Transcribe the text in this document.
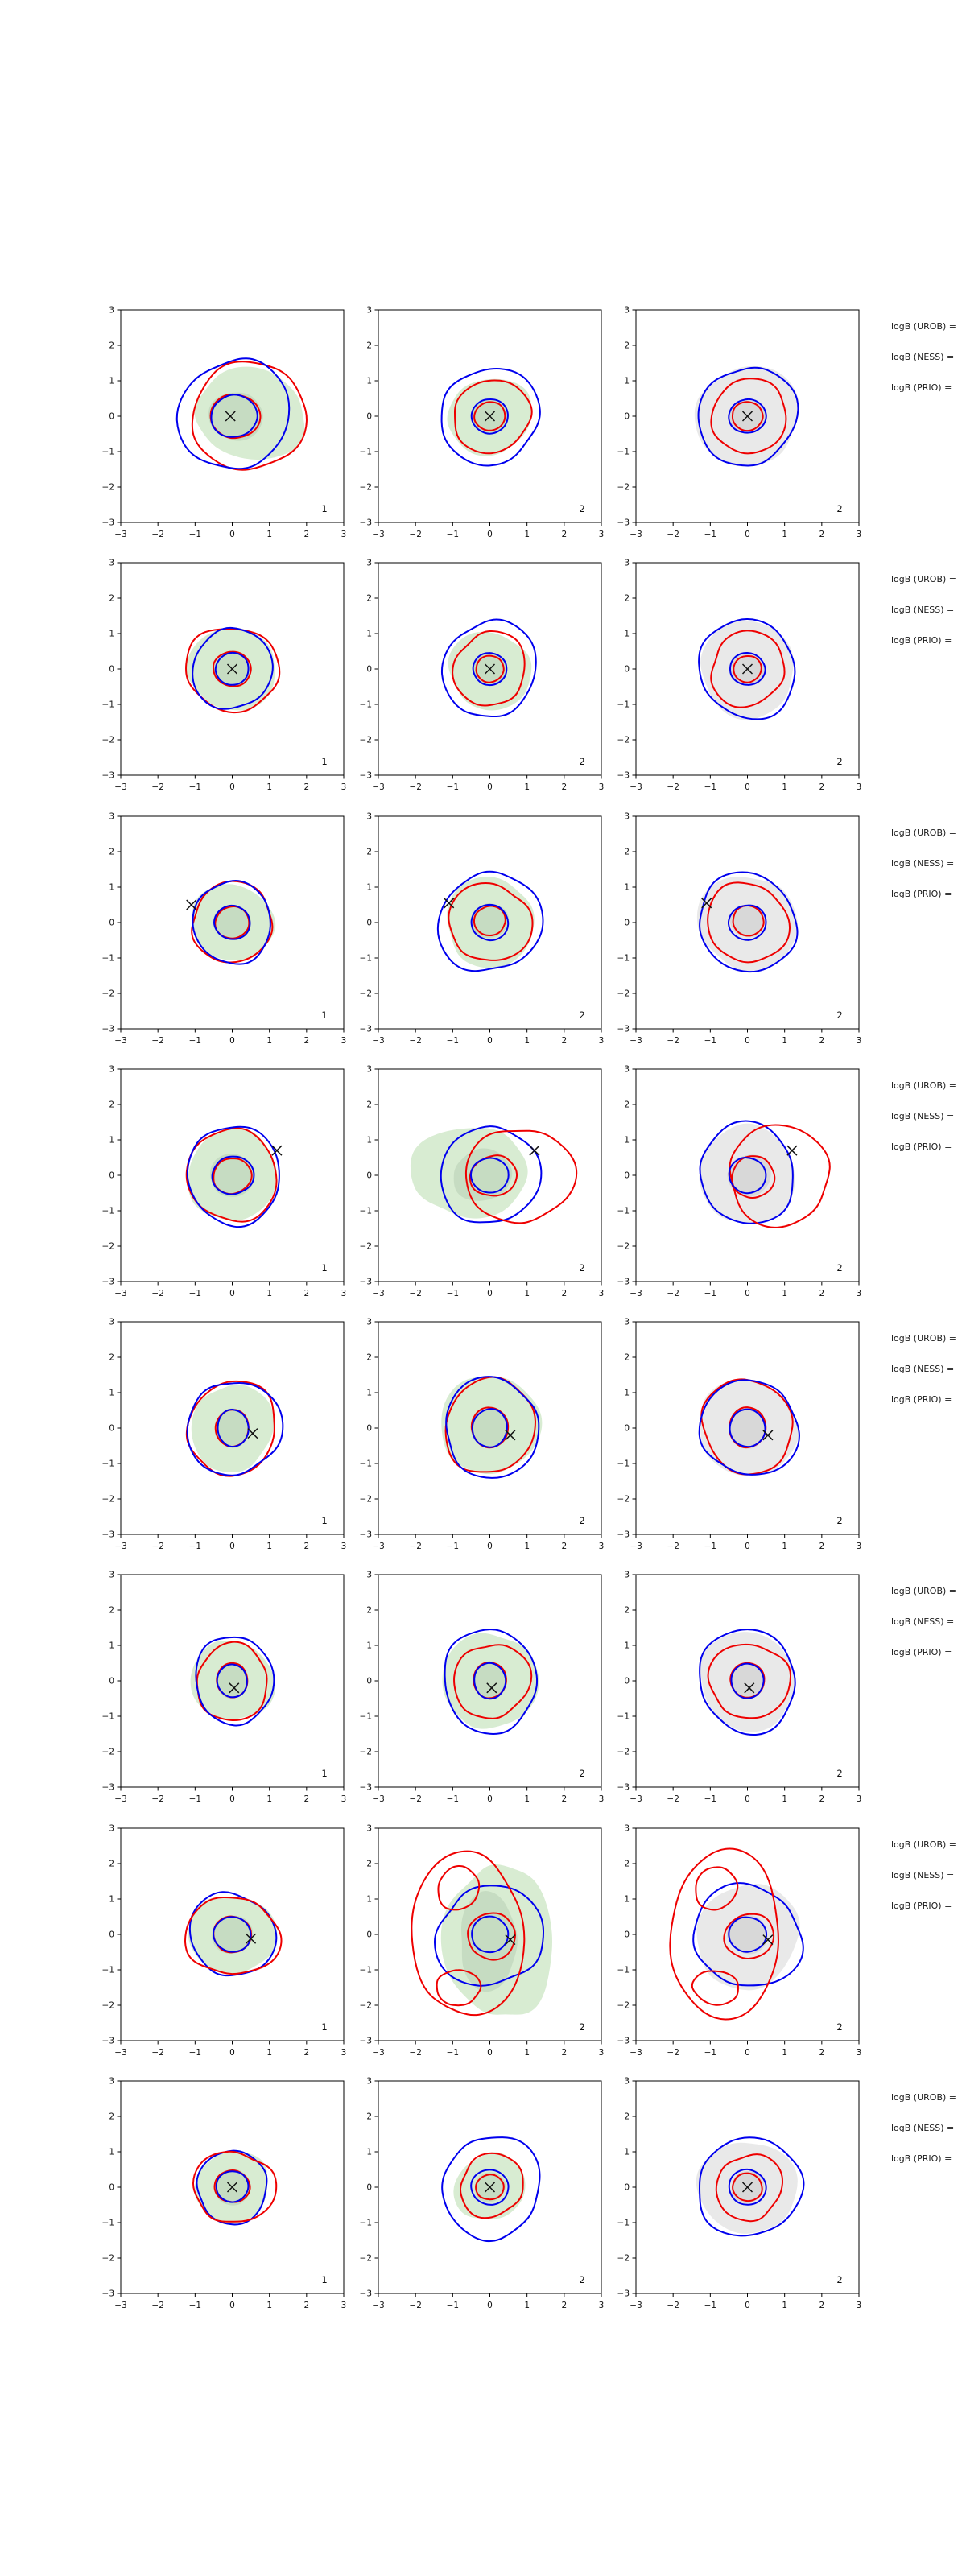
−3
−3
−2
−2
−1
−1
0
0
1
1
2
2
3
3
1
−3
−3
−2
−2
−1
−1
0
0
1
1
2
2
3
3
2
−3
−3
−2
−2
−1
−1
0
0
1
1
2
2
3
3
2
−3
−3
−2
−2
−1
−1
0
0
1
1
2
2
3
3
1
−3
−3
−2
−2
−1
−1
0
0
1
1
2
2
3
3
2
−3
−3
−2
−2
−1
−1
0
0
1
1
2
2
3
3
2
−3
−3
−2
−2
−1
−1
0
0
1
1
2
2
3
3
1
−3
−3
−2
−2
−1
−1
0
0
1
1
2
2
3
3
2
−3
−3
−2
−2
−1
−1
0
0
1
1
2
2
3
3
2
−3
−3
−2
−2
−1
−1
0
0
1
1
2
2
3
3
1
−3
−3
−2
−2
−1
−1
0
0
1
1
2
2
3
3
2
−3
−3
−2
−2
−1
−1
0
0
1
1
2
2
3
3
2
−3
−3
−2
−2
−1
−1
0
0
1
1
2
2
3
3
1
−3
−3
−2
−2
−1
−1
0
0
1
1
2
2
3
3
2
−3
−3
−2
−2
−1
−1
0
0
1
1
2
2
3
3
2
−3
−3
−2
−2
−1
−1
0
0
1
1
2
2
3
3
1
−3
−3
−2
−2
−1
−1
0
0
1
1
2
2
3
3
2
−3
−3
−2
−2
−1
−1
0
0
1
1
2
2
3
3
2
−3
−3
−2
−2
−1
−1
0
0
1
1
2
2
3
3
1
−3
−3
−2
−2
−1
−1
0
0
1
1
2
2
3
3
2
−3
−3
−2
−2
−1
−1
0
0
1
1
2
2
3
3
2
−3
−3
−2
−2
−1
−1
0
0
1
1
2
2
3
3
1
−3
−3
−2
−2
−1
−1
0
0
1
1
2
2
3
3
2
−3
−3
−2
−2
−1
−1
0
0
1
1
2
2
3
3
2
logB (UROB) =
logB (NESS) =
logB (PRIO) =
logB (UROB) =
logB (NESS) =
logB (PRIO) =
logB (UROB) =
logB (NESS) =
logB (PRIO) =
logB (UROB) =
logB (NESS) =
logB (PRIO) =
logB (UROB) =
logB (NESS) =
logB (PRIO) =
logB (UROB) =
logB (NESS) =
logB (PRIO) =
logB (UROB) =
logB (NESS) =
logB (PRIO) =
logB (UROB) =
logB (NESS) =
logB (PRIO) =
